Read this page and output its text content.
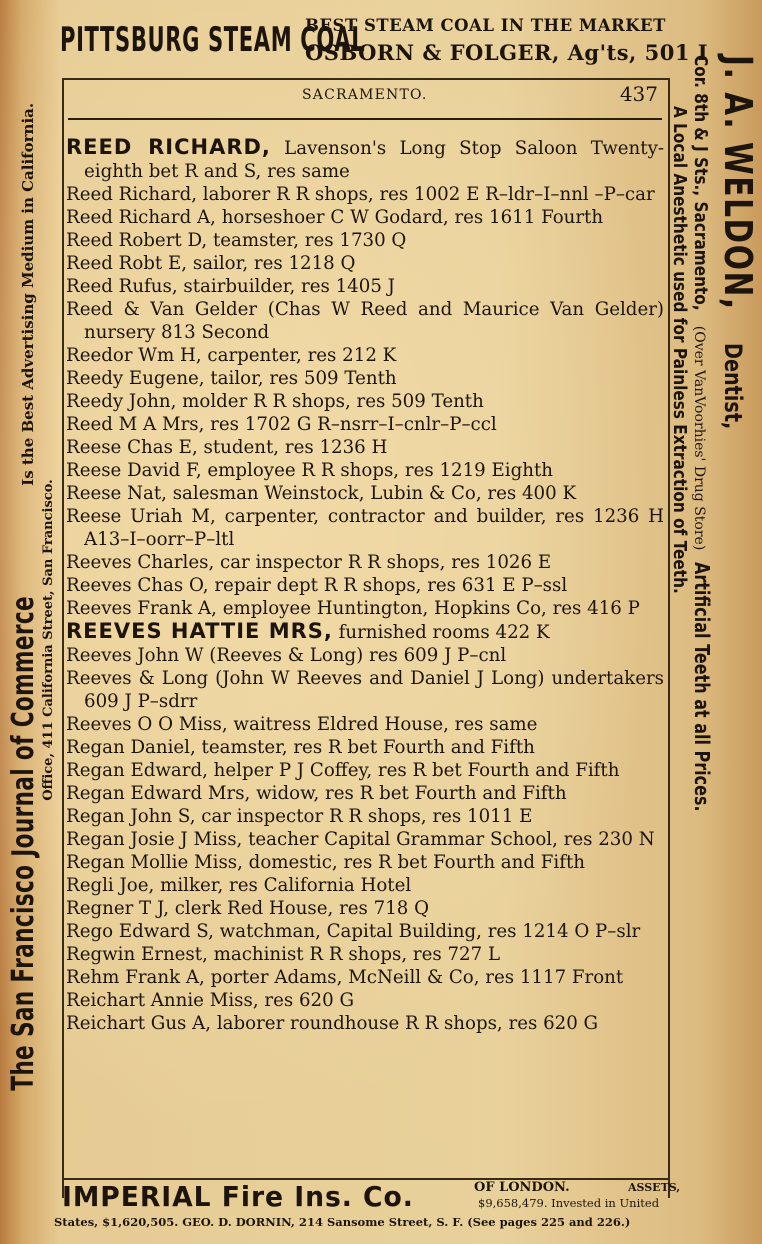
PITTSBURG STEAM COAL
BEST STEAM COAL IN THE MARKET
OSBORN & FOLGER, Ag'ts, 501 I
The San Francisco Journal of Commerce
Is the Best Advertising Medium in California.
Office, 411 California Street, San Francisco.
SACRAMENTO.	437
REED RICHARD, Lavenson's Long Stop Saloon Twenty-eighth bet R and S, res same
Reed Richard, laborer R R shops, res 1002 E R–ldr–I–nnl –P–car
Reed Richard A, horseshoer C W Godard, res 1611 Fourth
Reed Robert D, teamster, res 1730 Q
Reed Robt E, sailor, res 1218 Q
Reed Rufus, stairbuilder, res 1405 J
Reed & Van Gelder (Chas W Reed and Maurice Van Gelder) nursery 813 Second
Reedor Wm H, carpenter, res 212 K
Reedy Eugene, tailor, res 509 Tenth
Reedy John, molder R R shops, res 509 Tenth
Reed M A Mrs, res 1702 G R–nsrr–I–cnlr–P–ccl
Reese Chas E, student, res 1236 H
Reese David F, employee R R shops, res 1219 Eighth
Reese Nat, salesman Weinstock, Lubin & Co, res 400 K
Reese Uriah M, carpenter, contractor and builder, res 1236 H A13–I–oorr–P–ltl
Reeves Charles, car inspector R R shops, res 1026 E
Reeves Chas O, repair dept R R shops, res 631 E P–ssl
Reeves Frank A, employee Huntington, Hopkins Co, res 416 P
REEVES HATTIE MRS, furnished rooms 422 K
Reeves John W (Reeves & Long) res 609 J P–cnl
Reeves & Long (John W Reeves and Daniel J Long) undertakers 609 J P–sdrr
Reeves O O Miss, waitress Eldred House, res same
Regan Daniel, teamster, res R bet Fourth and Fifth
Regan Edward, helper P J Coffey, res R bet Fourth and Fifth
Regan Edward Mrs, widow, res R bet Fourth and Fifth
Regan John S, car inspector R R shops, res 1011 E
Regan Josie J Miss, teacher Capital Grammar School, res 230 N
Regan Mollie Miss, domestic, res R bet Fourth and Fifth
Regli Joe, milker, res California Hotel
Regner T J, clerk Red House, res 718 Q
Rego Edward S, watchman, Capital Building, res 1214 O P–slr
Regwin Ernest, machinist R R shops, res 727 L
Rehm Frank A, porter Adams, McNeill & Co, res 1117 Front
Reichart Annie Miss, res 620 G
Reichart Gus A, laborer roundhouse R R shops, res 620 G
J. A. WELDON,
Dentist,
Cor. 8th & J Sts., Sacramento,
(Over VanVoorhies' Drug Store)
Artificial Teeth at all Prices.
A Local Anesthetic used for Painless Extraction of Teeth.
IMPERIAL Fire Ins. Co.	OF LONDON.	ASSETS,
$9,658,479. Invested in United
States, $1,620,505. GEO. D. DORNIN, 214 Sansome Street, S. F. (See pages 225 and 226.)
